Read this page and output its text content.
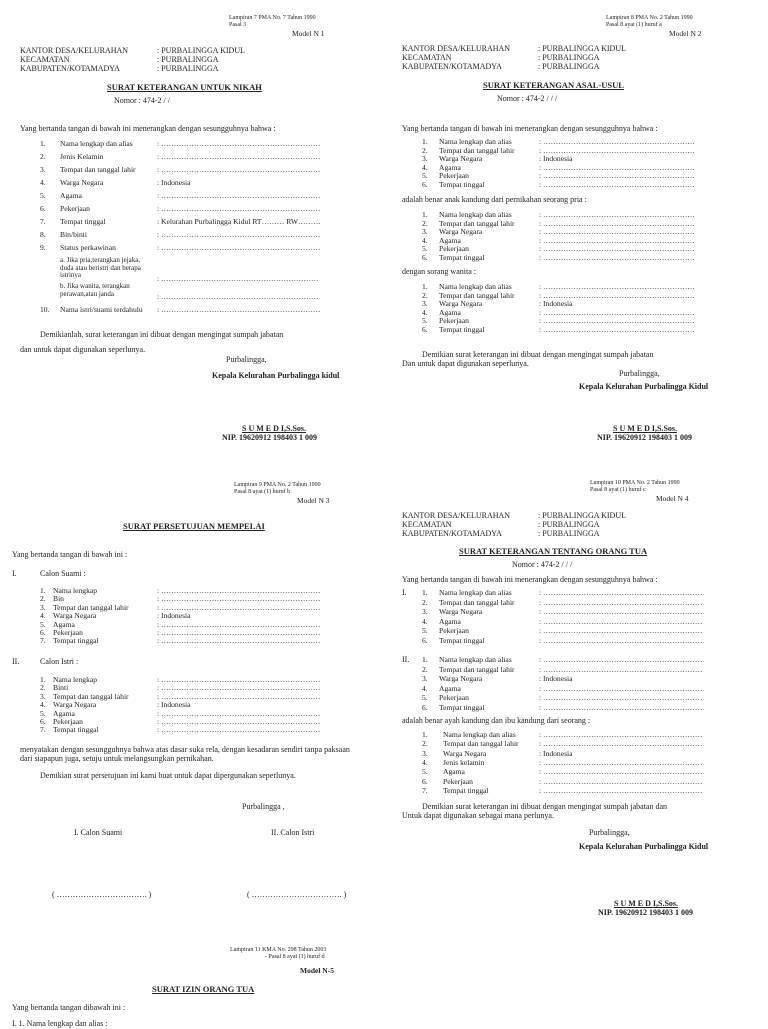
Lampiran 7 PMA No. 7 Tahun 1990
Pasal 3
Model N 1
KANTOR DESA/KELURAHAN	: PURBALINGGA KIDUL
KECAMATAN	: PURBALINGGA
KABUPATEN/KOTAMADYA	: PURBALINGGA
SURAT KETERANGAN UNTUK NIKAH
Nomor : 474-2 / /
Yang bertanda tangan di bawah ini menerangkan dengan sesungguhnya bahwa :
1. Nama lengkap dan alias	: ………………………………………………………
2. Jenis Kelamin	: ………………………………………………………
3. Tempat dan tanggal lahir	: ………………………………………………………
4. Warga Negara	: Indonesia
5. Agama	: ………………………………………………………
6. Pekerjaan	: ………………………………………………………
7. Tempat tinggal	: Kelurahan Purbalingga Kidul RT……… RW………
8. Bin/binti	: ………………………………………………………
9. Status perkawinan	: ………………………………………………………
a. Jika pria,terangkan jejaka, duda atau beristri dan berapa istrinya	: ………………………………………………………
b. Jika wanita, terangkan perawan,atau janda	: ………………………………………………………
10. Nama istri/suami terdahulu : ………………………………………………………
Demikianlah, surat keterangan ini dibuat dengan mengingat sumpah jabatan
dan untuk dapat digunakan seperlunya.
Purbalingga,
Kepala Kelurahan Purbalingga kidul
S U M E D I,S.Sos.
NIP. 19620912 198403 1 009
Lampiran 8 PMA No. 2 Tahun 1990
Pasal 8 ayat (1) huruf a
Model N 2
KANTOR DESA/KELURAHAN	: PURBALINGGA KIDUL
KECAMATAN	: PURBALINGGA
KABUPATEN/KOTAMADYA	: PURBALINGGA
SURAT KETERANGAN ASAL-USUL
Nomor : 474-2 / / /
Yang bertanda tangan di bawah ini menerangkan dengan sesungguhnya bahwa :
1. Nama lengkap dan alias	: ……………………………………………………
2. Tempat dan tanggal lahir	: ……………………………………………………
3. Warga Negara	: Indonesia
4. Agama	: ……………………………………………………
5. Pekerjaan	: ……………………………………………………
6. Tempat tinggal	: ……………………………………………………
adalah benar anak kandung dari pernikahan seorang pria :
1. Nama lengkap dan alias	: ……………………………………………………
2. Tempat dan tanggal lahir	: ……………………………………………………
3. Warga Negara	: ……………………………………………………
4. Agama	: ……………………………………………………
5. Pekerjaan	: ……………………………………………………
6. Tempat tinggal	: ……………………………………………………
dengan sorang wanita :
1. Nama lengkap dan alias	: ……………………………………………………
2. Tempat dan tanggal lahir	: ……………………………………………………
3. Warga Negara	: Indonesia
4. Agama	: ……………………………………………………
5. Pekerjaan	: ……………………………………………………
6. Tempat tinggal	: ……………………………………………………
Demikian surat keterangan ini dibuat dengan mengingat sumpah jabatan
Dan untuk dapat digunakan seperlunya.
Purbalingga,
Kepala Kelurahan Purbalingga Kidul
S U M E D I,S.Sos.
NIP. 19620912 198403 1 009
Lampiran 9 PMA No. 2 Tahun 1990
Pasal 8 ayat (1) huruf b
Model N 3
SURAT PERSETUJUAN MEMPELAI
Yang bertanda tangan di bawah ini :
I.	Calon Suami :
1. Nama lengkap	: ………………………………………………………
2. Bin	: ………………………………………………………
3. Tempat dan tanggal lahir	: ………………………………………………………
4. Warga Negara	: Indonesia
5. Agama	: ………………………………………………………
6. Pekerjaan	: ………………………………………………………
7. Tempat tinggal	: ………………………………………………………
II.	Calon Istri :
1. Nama lengkap	: ………………………………………………………
2. Binti	: ………………………………………………………
3. Tempat dan tanggal lahir	: ………………………………………………………
4. Warga Negara	: Indonesia
5. Agama	: ………………………………………………………
6. Pekerjaan	: ………………………………………………………
7. Tempat tinggal	: ………………………………………………………
menyatakan dengan sesungguhnya bahwa atas dasar suka rela, dengan kesadaran sendiri tanpa paksaan
dari siapapun juga, setuju untuk melangsungkan pernikahan.
Demikian surat persetujuan ini kami buat untuk dapat dipergunakan seperlunya.
Purbalingga ,
I. Calon Suami	II. Calon Istri
( ……………………………. )	( ……………………………. )
Lampiran 10 PMA No. 2 Tahun 1990
Pasal 8 ayat (1) huruf c
Model N 4
KANTOR DESA/KELURAHAN	: PURBALINGGA KIDUL
KECAMATAN	: PURBALINGGA
KABUPATEN/KOTAMADYA	: PURBALINGGA
SURAT KETERANGAN TENTANG ORANG TUA
Nomor : 474-2 / / /
Yang bertanda tangan di bawah ini menerangkan dengan sesungguhnya bahwa :
I. 1. Nama lengkap dan alias	: ………………………………………………………
2. Tempat dan tanggal lahir	: ………………………………………………………
3. Warga Negara	: ………………………………………………………
4. Agama	: ………………………………………………………
5. Pekerjaan	: ………………………………………………………
6. Tempat tinggal	: ………………………………………………………
II. 1. Nama lengkap dan alias	: ………………………………………………………
2. Tempat dan tanggal lahir	: ………………………………………………………
3. Warga Negara	: Indonesia
4. Agama	: ………………………………………………………
5. Pekerjaan	: ………………………………………………………
6. Tempat tinggal	: ………………………………………………………
adalah benar ayah kandung dan ibu kandung dari seorang :
1. Nama lengkap dan alias	: ………………………………………………………
2. Tempat dan tanggal lahir	: ………………………………………………………
3. Warga Negara	: Indonesia
4. Jenis kelamin	: ………………………………………………………
5. Agama	: ………………………………………………………
6. Pekerjaan	: ………………………………………………………
7. Tempat tinggal	: ………………………………………………………
Demikian surat keterangan ini dibuat dengan mengingat sumpah jabatan dan
Untuk dapat digunakan sebagai mana perlunya.
Purbalingga,
Kepala Kelurahan Purbalingga Kidul
S U M E D I,S.Sos.
NIP. 19620912 198403 1 009
Lampiran 11 KMA No. 298 Tahun 2003
- Pasal 8 ayat (1) huruf d
Model N-5
SURAT IZIN ORANG TUA
Yang bertanda tangan dibawah ini :
I. 1. Nama lengkap dan alias :
